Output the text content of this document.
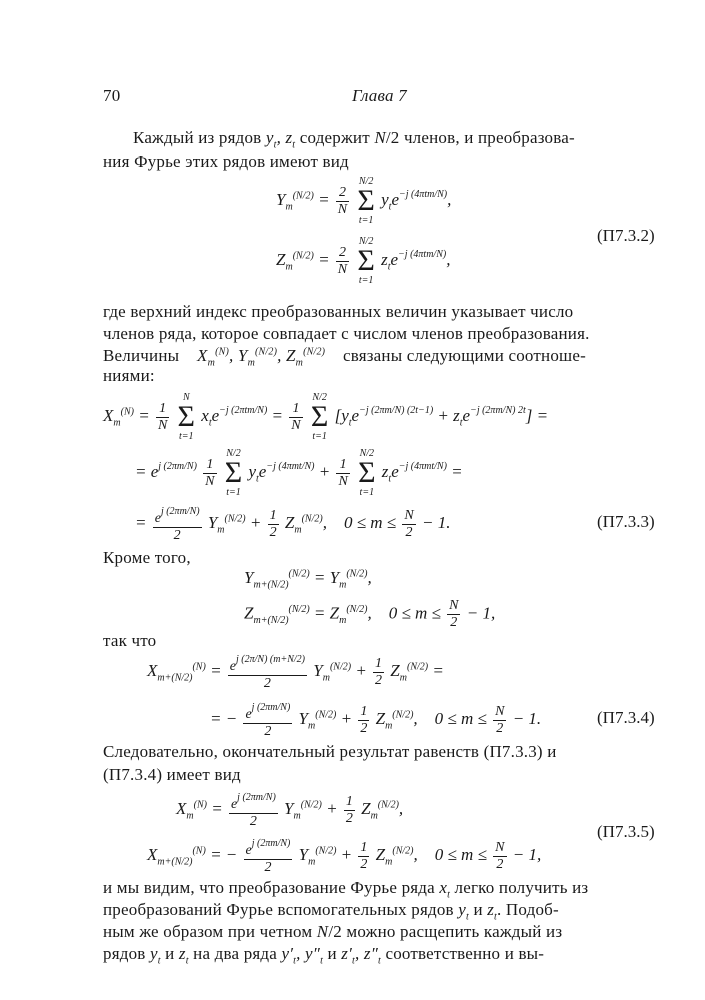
70	Глава 7
Каждый из рядов $y_t$, $z_t$ содержит N/2 членов, и преобразова-
ния Фурье этих рядов имеют вид
$Y_m^{(N/2)} = \frac{2}{N}$

N/2
Σ
t=1
$y_te^{-j (4\pi tm/N)}$,
$Z_m^{(N/2)} = \frac{2}{N}$

N/2
Σ
t=1
$z_te^{-j (4\pi tm/N)}$,
(П7.3.2)
где верхний индекс преобразованных величин указывает число
членов ряда, которое совпадает с числом членов преобразования.
Величины $X_m^{(N)}$, $Y_m^{(N/2)}$, $Z_m^{(N/2)}$ связаны следующими соотноше-
ниями:
$X_m^{(N)} = \frac{1}{N}$

N
Σ
t=1
$x_te^{-j (2\pi tm/N)} = \frac{1}{N}$

N/2
Σ
t=1
$[y_te^{-j (2\pi m/N) (2t-1)} + z_te^{-j (2\pi m/N) 2t}]$ =
= $e^{j (2\pi m/N)} \frac{1}{N}$

N/2
Σ
t=1
$y_te^{-j (4\pi mt/N)} + \frac{1}{N}$

N/2
Σ
t=1
$z_te^{-j (4\pi mt/N)}$ =
= $\frac{e^{j (2\pi m/N)}}{2} Y_m^{(N/2)} + \frac{1}{2} Z_m^{(N/2)}$,    $0 \le m \le \frac{N}{2} - 1$.	(П7.3.3)
Кроме того,
$Y_{m+(N/2)}^{(N/2)} = Y_m^{(N/2)}$,
$Z_{m+(N/2)}^{(N/2)} = Z_m^{(N/2)}$,    $0 \le m \le \frac{N}{2} - 1$,
так что
$X_{m+(N/2)}^{(N)} = \frac{e^{j (2\pi/N) (m+N/2)}}{2} Y_m^{(N/2)} + \frac{1}{2} Z_m^{(N/2)}$ =
= − $\frac{e^{j (2\pi m/N)}}{2} Y_m^{(N/2)} + \frac{1}{2} Z_m^{(N/2)}$,    $0 \le m \le \frac{N}{2} - 1$.	(П7.3.4)
Следовательно, окончательный результат равенств (П7.3.3) и
(П7.3.4) имеет вид
$X_m^{(N)} = \frac{e^{j (2\pi m/N)}}{2} Y_m^{(N/2)} + \frac{1}{2} Z_m^{(N/2)}$,
$X_{m+(N/2)}^{(N)}$ = − $\frac{e^{j (2\pi m/N)}}{2} Y_m^{(N/2)} + \frac{1}{2} Z_m^{(N/2)}$,    $0 \le m \le \frac{N}{2} - 1$,
(П7.3.5)
и мы видим, что преобразование Фурье ряда $x_t$ легко получить из
преобразований Фурье вспомогательных рядов $y_t$ и $z_t$. Подоб-
ным же образом при четном N/2 можно расщепить каждый из
рядов $y_t$ и $z_t$ на два ряда $y'_t$, $y''_t$ и $z'_t$, $z''_t$ соответственно и вы-
